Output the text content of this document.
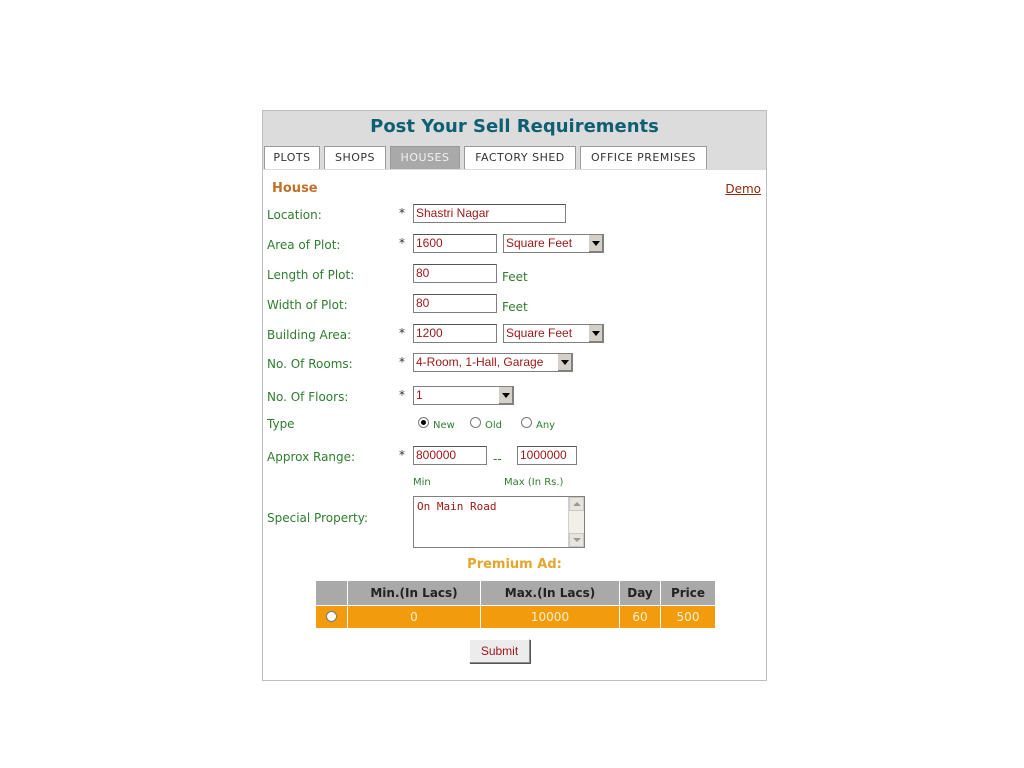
Post Your Sell Requirements
PLOTS	SHOPS	HOUSES	FACTORY SHED	OFFICE PREMISES
House	Demo
Location:	* Shastri Nagar
Area of Plot:	* 1600	Square Feet
Length of Plot:	80	Feet
Width of Plot:	80	Feet
Building Area:	* 1200	Square Feet
No. Of Rooms:	* 4-Room, 1-Hall, Garage
No. Of Floors:	* 1
Type	New	Old	Any
Approx Range:	* 800000	-- 1000000
Min	Max (In Rs.)
Special Property:
On Main Road
Premium Ad:
	Min.(In Lacs)	Max.(In Lacs)	Day	Price
	0	10000	60	500
Submit
